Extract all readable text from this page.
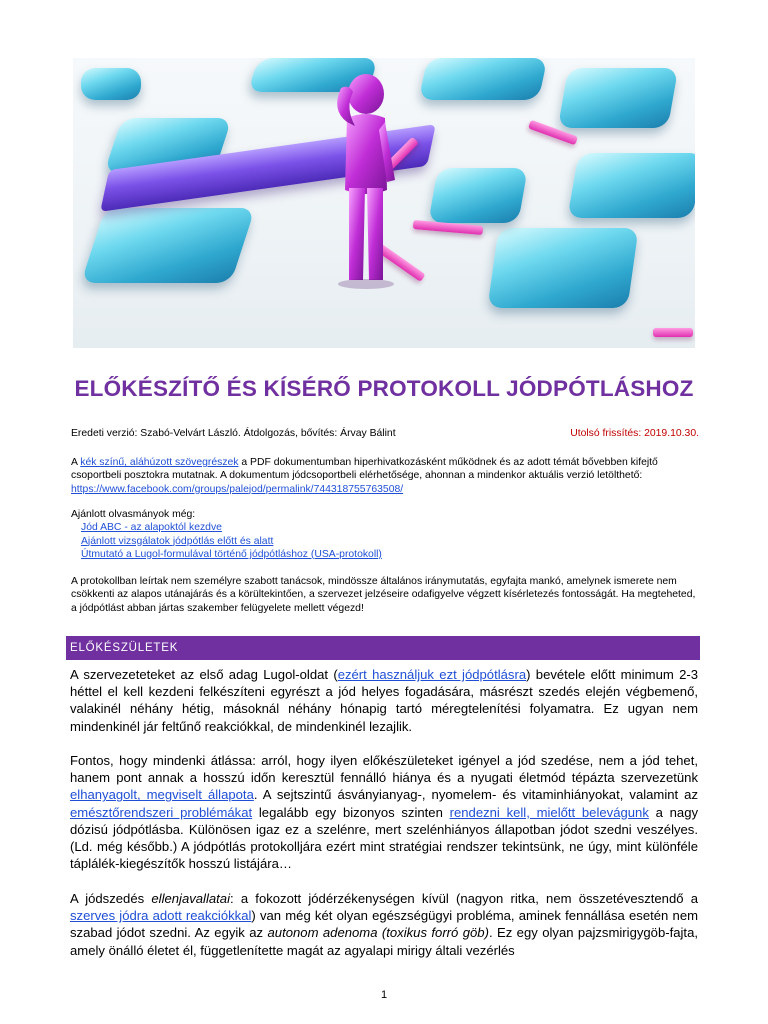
ELŐKÉSZÍTŐ ÉS KÍSÉRŐ PROTOKOLL JÓDPÓTLÁSHOZ
Eredeti verzió: Szabó-Velvárt László. Átdolgozás, bővítés: Árvay Bálint	Utolsó frissítés: 2019.10.30.
A kék színű, aláhúzott szövegrészek a PDF dokumentumban hiperhivatkozásként működnek és az adott témát bővebben kifejtő csoportbeli posztokra mutatnak. A dokumentum jódcsoportbeli elérhetősége, ahonnan a mindenkor aktuális verzió letölthető: https://www.facebook.com/groups/palejod/permalink/744318755763508/
Ajánlott olvasmányok még:
Jód ABC - az alapoktól kezdve
Ajánlott vizsgálatok jódpótlás előtt és alatt
Útmutató a Lugol-formulával történő jódpótláshoz (USA-protokoll)
A protokollban leírtak nem személyre szabott tanácsok, mindössze általános iránymutatás, egyfajta mankó, amelynek ismerete nem csökkenti az alapos utánajárás és a körültekintően, a szervezet jelzéseire odafigyelve végzett kísérletezés fontosságát. Ha megteheted, a jódpótlást abban jártas szakember felügyelete mellett végezd!
ELŐKÉSZÜLETEK
A szervezeteteket az első adag Lugol-oldat (ezért használjuk ezt jódpótlásra) bevétele előtt minimum 2-3 héttel el kell kezdeni felkészíteni egyrészt a jód helyes fogadására, másrészt szedés elején végbemenő, valakinél néhány hétig, másoknál néhány hónapig tartó méregtelenítési folyamatra. Ez ugyan nem mindenkinél jár feltűnő reakciókkal, de mindenkinél lezajlik.
Fontos, hogy mindenki átlássa: arról, hogy ilyen előkészületeket igényel a jód szedése, nem a jód tehet, hanem pont annak a hosszú időn keresztül fennálló hiánya és a nyugati életmód tépázta szervezetünk elhanyagolt, megviselt állapota. A sejtszintű ásványianyag-, nyomelem- és vitaminhiányokat, valamint az emésztőrendszeri problémákat legalább egy bizonyos szinten rendezni kell, mielőtt belevágunk a nagy dózisú jódpótlásba. Különösen igaz ez a szelénre, mert szelénhiányos állapotban jódot szedni veszélyes. (Ld. még később.) A jódpótlás protokolljára ezért mint stratégiai rendszer tekintsünk, ne úgy, mint különféle táplálék-kiegészítők hosszú listájára…
A jódszedés ellenjavallatai: a fokozott jódérzékenységen kívül (nagyon ritka, nem összetévesztendő a szerves jódra adott reakciókkal) van még két olyan egészségügyi probléma, aminek fennállása esetén nem szabad jódot szedni. Az egyik az autonom adenoma (toxikus forró göb). Ez egy olyan pajzsmirigygöb-fajta, amely önálló életet él, függetlenítette magát az agyalapi mirigy általi vezérlés
1
